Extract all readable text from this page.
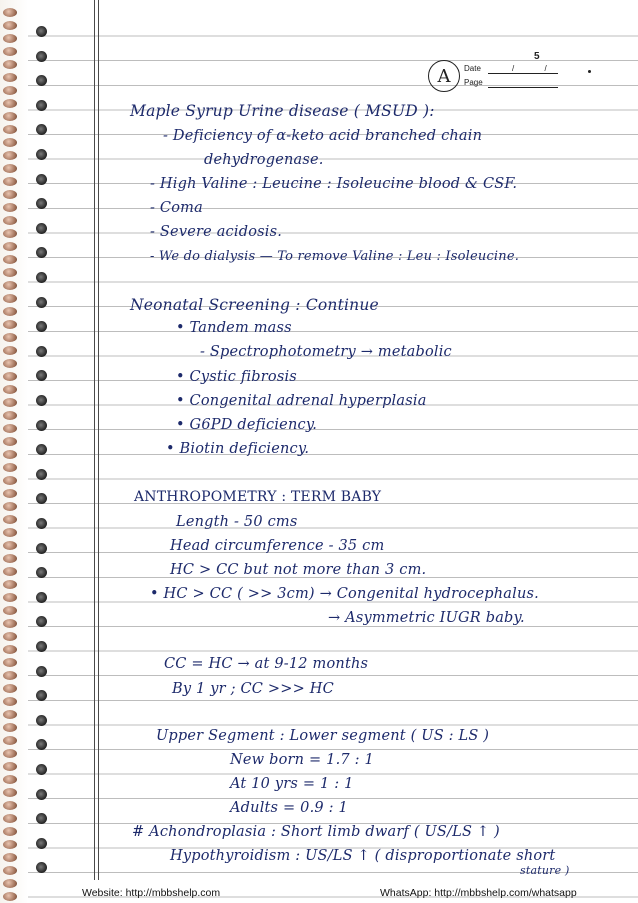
A
5
Date
Page
/ /
Maple Syrup Urine disease ( MSUD ):
- Deficiency of α-keto acid branched chain
dehydrogenase.
- High Valine : Leucine : Isoleucine blood & CSF.
- Coma
- Severe acidosis.
- We do dialysis — To remove Valine : Leu : Isoleucine.
Neonatal Screening : Continue
• Tandem mass
- Spectrophotometry → metabolic
• Cystic fibrosis
• Congenital adrenal hyperplasia
• G6PD deficiency.
• Biotin deficiency.
ANTHROPOMETRY : TERM BABY
Length - 50 cms
Head circumference - 35 cm
HC > CC but not more than 3 cm.
• HC > CC ( >> 3cm) → Congenital hydrocephalus.
→ Asymmetric IUGR baby.
CC = HC → at 9-12 months
By 1 yr ; CC >>> HC
Upper Segment : Lower segment ( US : LS )
New born = 1.7 : 1
At 10 yrs = 1 : 1
Adults = 0.9 : 1
# Achondroplasia : Short limb dwarf ( US/LS ↑ )
Hypothyroidism : US/LS ↑ ( disproportionate short
stature )
Website: http://mbbshelp.com	WhatsApp: http://mbbshelp.com/whatsapp
